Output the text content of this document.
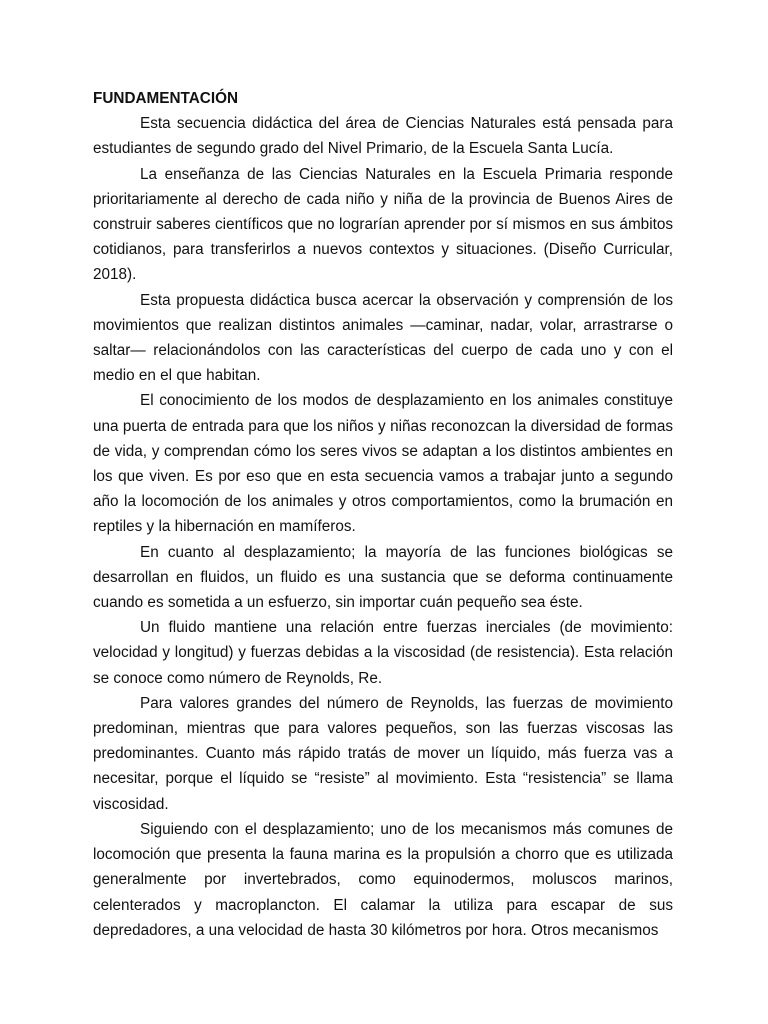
FUNDAMENTACIÓN

Esta secuencia didáctica del área de Ciencias Naturales está pensada para estudiantes de segundo grado del Nivel Primario, de la Escuela Santa Lucía.

La enseñanza de las Ciencias Naturales en la Escuela Primaria responde prioritariamente al derecho de cada niño y niña de la provincia de Buenos Aires de construir saberes científicos que no lograrían aprender por sí mismos en sus ámbitos cotidianos, para transferirlos a nuevos contextos y situaciones. (Diseño Curricular, 2018).

Esta propuesta didáctica busca acercar la observación y comprensión de los movimientos que realizan distintos animales —caminar, nadar, volar, arrastrarse o saltar— relacionándolos con las características del cuerpo de cada uno y con el medio en el que habitan.

El conocimiento de los modos de desplazamiento en los animales constituye una puerta de entrada para que los niños y niñas reconozcan la diversidad de formas de vida, y comprendan cómo los seres vivos se adaptan a los distintos ambientes en los que viven. Es por eso que en esta secuencia vamos a trabajar junto a segundo año la locomoción de los animales y otros comportamientos, como la brumación en reptiles y la hibernación en mamíferos.

En cuanto al desplazamiento; la mayoría de las funciones biológicas se desarrollan en fluidos, un fluido es una sustancia que se deforma continuamente cuando es sometida a un esfuerzo, sin importar cuán pequeño sea éste.

Un fluido mantiene una relación entre fuerzas inerciales (de movimiento: velocidad y longitud) y fuerzas debidas a la viscosidad (de resistencia). Esta relación se conoce como número de Reynolds, Re.

Para valores grandes del número de Reynolds, las fuerzas de movimiento predominan, mientras que para valores pequeños, son las fuerzas viscosas las predominantes. Cuanto más rápido tratás de mover un líquido, más fuerza vas a necesitar, porque el líquido se “resiste” al movimiento. Esta “resistencia” se llama viscosidad.

Siguiendo con el desplazamiento; uno de los mecanismos más comunes de locomoción que presenta la fauna marina es la propulsión a chorro que es utilizada generalmente por invertebrados, como equinodermos, moluscos marinos, celenterados y macroplancton. El calamar la utiliza para escapar de sus depredadores, a una velocidad de hasta 30 kilómetros por hora. Otros mecanismos
